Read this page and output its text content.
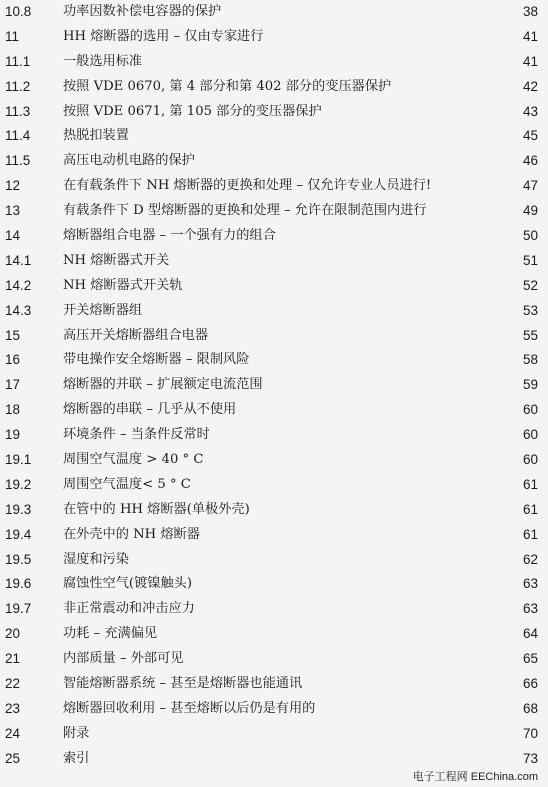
10.8 功率因数补偿电容器的保护	38
11	HH 熔断器的选用 – 仅由专家进行	41
11.1 一般选用标准	41
11.2 按照 VDE 0670, 第 4 部分和第 402 部分的变压器保护	42
11.3 按照 VDE 0671, 第 105 部分的变压器保护	43
11.4 热脱扣装置	45
11.5 高压电动机电路的保护	46
12	在有载条件下 NH 熔断器的更换和处理 – 仅允许专业人员进行!	47
13	有载条件下 D 型熔断器的更换和处理 – 允许在限制范围内进行	49
14	熔断器组合电器 – 一个强有力的组合	50
14.1 NH 熔断器式开关	51
14.2 NH 熔断器式开关轨	52
14.3 开关熔断器组	53
15	高压开关熔断器组合电器	55
16	带电操作安全熔断器 – 限制风险	58
17	熔断器的并联 – 扩展额定电流范围	59
18	熔断器的串联 – 几乎从不使用	60
19	环境条件 – 当条件反常时	60
19.1 周围空气温度 > 40 ° C	60
19.2 周围空气温度< 5 ° C	61
19.3 在管中的 HH 熔断器(单极外壳)	61
19.4 在外壳中的 NH 熔断器	61
19.5 湿度和污染	62
19.6 腐蚀性空气(镀镍触头)	63
19.7 非正常震动和冲击应力	63
20	功耗 – 充满偏见	64
21	内部质量 – 外部可见	65
22	智能熔断器系统 – 甚至是熔断器也能通讯	66
23	熔断器回收利用 – 甚至熔断以后仍是有用的	68
24	附录	70
25	索引	73
电子工程网 EEChina.com
